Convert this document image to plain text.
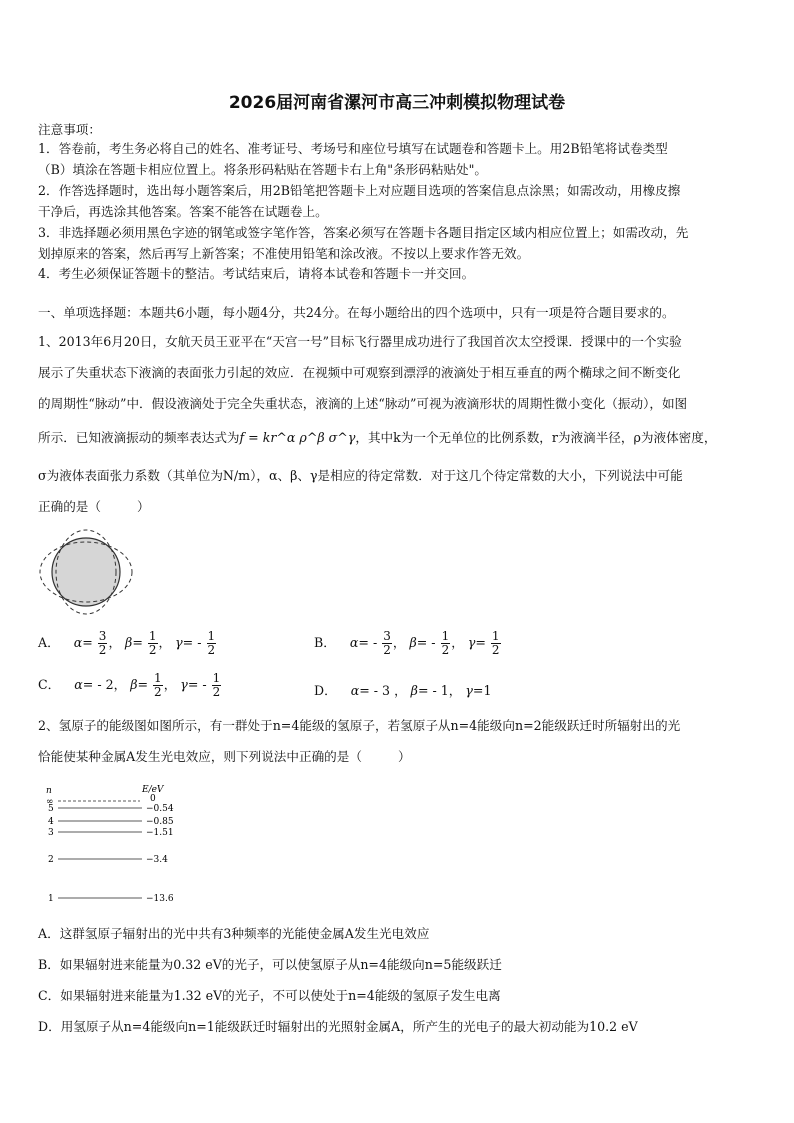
2026届河南省漯河市高三冲刺模拟物理试卷
注意事项：
1．答卷前，考生务必将自己的姓名、准考证号、考场号和座位号填写在试题卷和答题卡上。用2B铅笔将试卷类型
（B）填涂在答题卡相应位置上。将条形码粘贴在答题卡右上角"条形码粘贴处"。
2．作答选择题时，选出每小题答案后，用2B铅笔把答题卡上对应题目选项的答案信息点涂黑；如需改动，用橡皮擦
干净后，再选涂其他答案。答案不能答在试题卷上。
3．非选择题必须用黑色字迹的钢笔或签字笔作答，答案必须写在答题卡各题目指定区域内相应位置上；如需改动，先
划掉原来的答案，然后再写上新答案；不准使用铅笔和涂改液。不按以上要求作答无效。
4．考生必须保证答题卡的整洁。考试结束后，请将本试卷和答题卡一并交回。
一、单项选择题：本题共6小题，每小题4分，共24分。在每小题给出的四个选项中，只有一项是符合题目要求的。
1、2013年6月20日，女航天员王亚平在“天宫一号”目标飞行器里成功进行了我国首次太空授课．授课中的一个实验
展示了失重状态下液滴的表面张力引起的效应．在视频中可观察到漂浮的液滴处于相互垂直的两个椭球之间不断变化
的周期性“脉动”中．假设液滴处于完全失重状态，液滴的上述“脉动”可视为液滴形状的周期性微小变化（振动），如图
所示．已知液滴振动的频率表达式为f = kr^α ρ^β σ^γ，其中k为一个无单位的比例系数，r为液滴半径，ρ为液体密度，
σ为液体表面张力系数（其单位为N/m），α、β、γ是相应的待定常数．对于这几个待定常数的大小，下列说法中可能
正确的是（	）
A． $\alpha= \frac{3}{2}$ ， $\beta= \frac{1}{2}$ ， $\gamma= - \frac{1}{2}$	B． $\alpha= - \frac{3}{2}$ ， $\beta= - \frac{1}{2}$ ， $\gamma= \frac{1}{2}$
C． α= - 2， $\beta= \frac{1}{2}$ ， $\gamma= - \frac{1}{2}$	D． α= - 3 ， β= - 1， γ=1
2、氢原子的能级图如图所示，有一群处于n=4能级的氢原子，若氢原子从n=4能级向n=2能级跃迁时所辐射出的光
恰能使某种金属A发生光电效应，则下列说法中正确的是（	）
n	E/eV
∞	0
5	−0.54
4	−0.85
3	−1.51
2	−3.4
1	−13.6
A．这群氢原子辐射出的光中共有3种频率的光能使金属A发生光电效应
B．如果辐射进来能量为0.32 eV的光子，可以使氢原子从n=4能级向n=5能级跃迁
C．如果辐射进来能量为1.32 eV的光子，不可以使处于n=4能级的氢原子发生电离
D．用氢原子从n=4能级向n=1能级跃迁时辐射出的光照射金属A，所产生的光电子的最大初动能为10.2 eV
